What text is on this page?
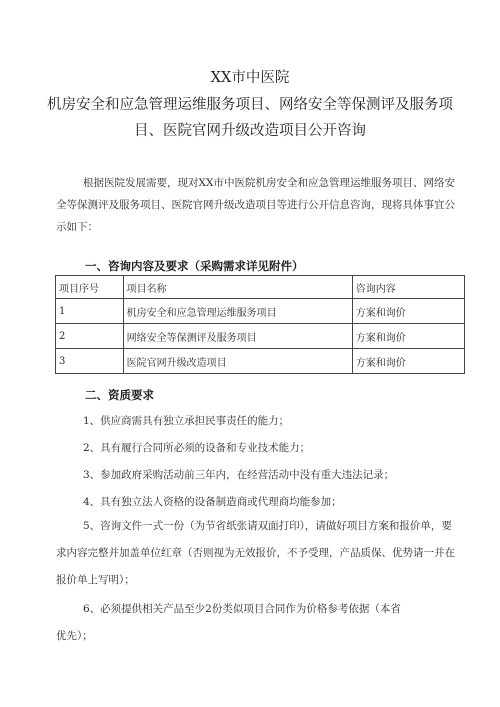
XX市中医院
机房安全和应急管理运维服务项目、网络安全等保测评及服务项
目、医院官网升级改造项目公开咨询
根据医院发展需要，现对XX市中医院机房安全和应急管理运维服务项目、网络安
全等保测评及服务项目、医院官网升级改造项目等进行公开信息咨询，现将具体事宜公
示如下：
一、咨询内容及要求（采购需求详见附件）
项目序号	项目名称	咨询内容
1	机房安全和应急管理运维服务项目	方案和询价
2	网络安全等保测评及服务项目	方案和询价
3	医院官网升级改造项目	方案和询价
二、资质要求
1、供应商需具有独立承担民事责任的能力；
2、具有履行合同所必须的设备和专业技术能力；
3、参加政府采购活动前三年内，在经营活动中没有重大违法记录；
4、具有独立法人资格的设备制造商或代理商均能参加；
5、咨询文件一式一份（为节省纸张请双面打印），请做好项目方案和报价单，要
求内容完整并加盖单位红章（否则视为无效报价，不予受理，产品质保、优势请一并在
报价单上写明）；
6、必须提供相关产品至少2份类似项目合同作为价格参考依据（本省
优先）；
